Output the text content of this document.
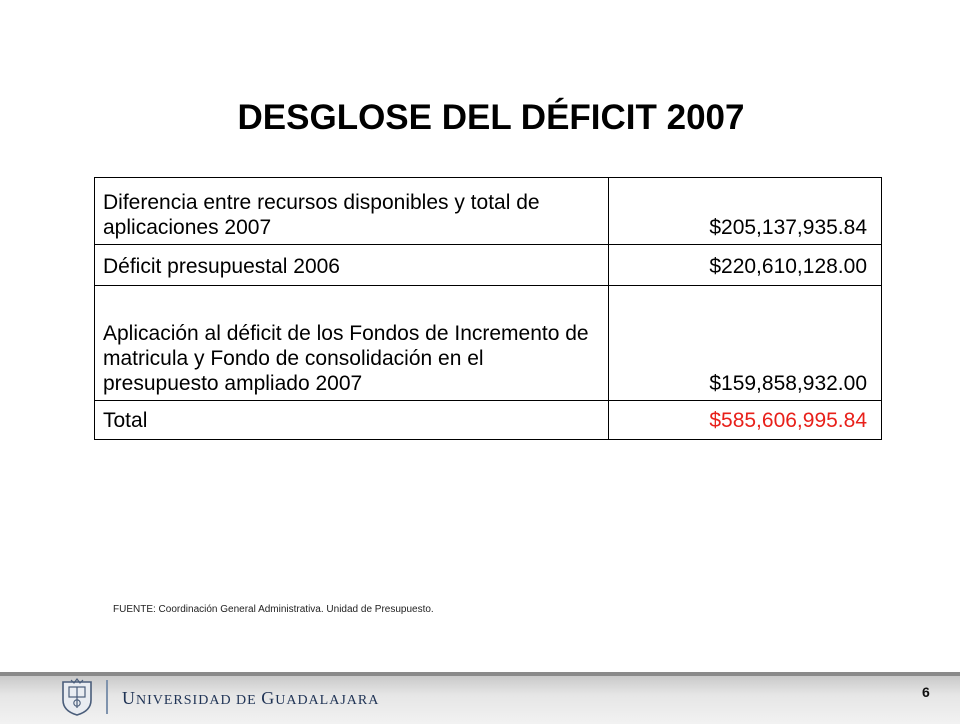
DESGLOSE DEL DÉFICIT 2007
Diferencia entre recursos disponibles y total de aplicaciones 2007	$205,137,935.84
Déficit presupuestal 2006	$220,610,128.00
Aplicación al déficit de los Fondos de Incremento de matricula y Fondo de consolidación en el presupuesto ampliado 2007	$159,858,932.00
Total	$585,606,995.84
FUENTE: Coordinación General Administrativa. Unidad de Presupuesto.
UNIVERSIDAD DE GUADALAJARA
6
